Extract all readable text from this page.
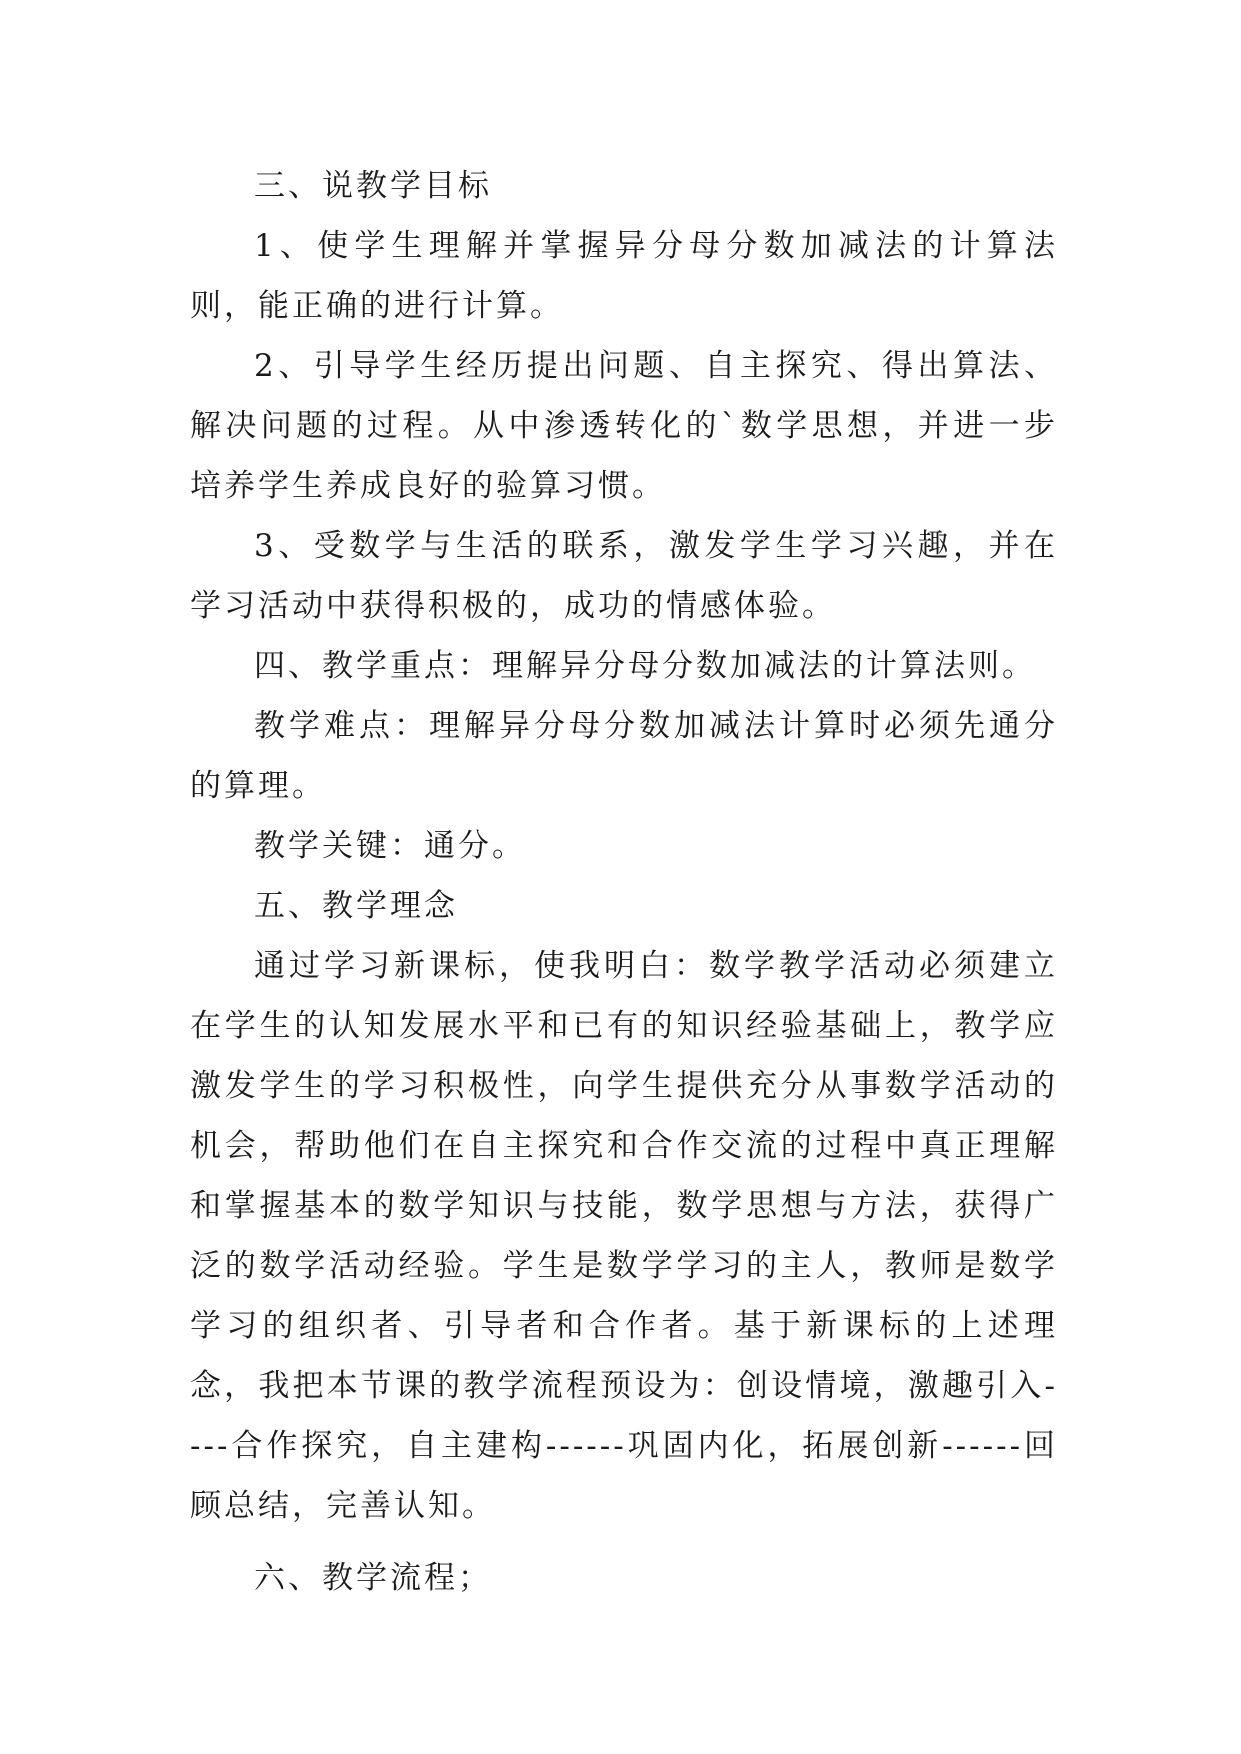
三、说教学目标

1、使学生理解并掌握异分母分数加减法的计算法则，能正确的进行计算。

2、引导学生经历提出问题、自主探究、得出算法、解决问题的过程。从中渗透转化的`数学思想，并进一步培养学生养成良好的验算习惯。

3、受数学与生活的联系，激发学生学习兴趣，并在学习活动中获得积极的，成功的情感体验。

四、教学重点：理解异分母分数加减法的计算法则。

教学难点：理解异分母分数加减法计算时必须先通分的算理。

教学关键：通分。

五、教学理念

通过学习新课标，使我明白：数学教学活动必须建立在学生的认知发展水平和已有的知识经验基础上，教学应激发学生的学习积极性，向学生提供充分从事数学活动的机会，帮助他们在自主探究和合作交流的过程中真正理解和掌握基本的数学知识与技能，数学思想与方法，获得广泛的数学活动经验。学生是数学学习的主人，教师是数学学习的组织者、引导者和合作者。基于新课标的上述理念，我把本节课的教学流程预设为：创设情境，激趣引入----合作探究，自主建构------巩固内化，拓展创新------回顾总结，完善认知。

六、教学流程；
